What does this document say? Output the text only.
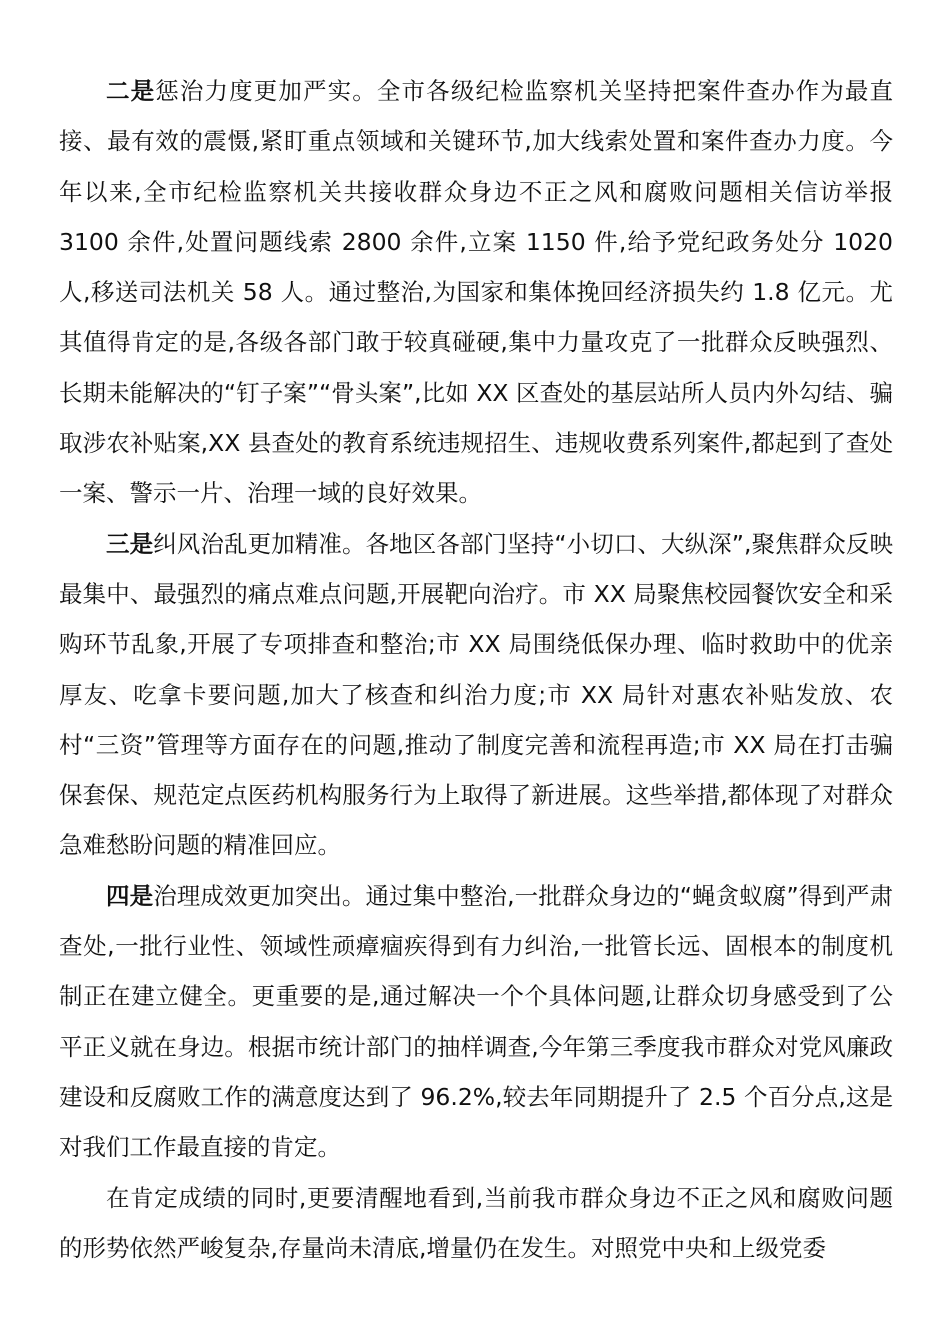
二是惩治力度更加严实。全市各级纪检监察机关坚持把案件查办作为最直接、最有效的震慑,紧盯重点领域和关键环节,加大线索处置和案件查办力度。今年以来,全市纪检监察机关共接收群众身边不正之风和腐败问题相关信访举报 3100 余件,处置问题线索 2800 余件,立案 1150 件,给予党纪政务处分 1020 人,移送司法机关 58 人。通过整治,为国家和集体挽回经济损失约 1.8 亿元。尤其值得肯定的是,各级各部门敢于较真碰硬,集中力量攻克了一批群众反映强烈、长期未能解决的“钉子案”“骨头案”,比如 XX 区查处的基层站所人员内外勾结、骗取涉农补贴案,XX 县查处的教育系统违规招生、违规收费系列案件,都起到了查处一案、警示一片、治理一域的良好效果。

三是纠风治乱更加精准。各地区各部门坚持“小切口、大纵深”,聚焦群众反映最集中、最强烈的痛点难点问题,开展靶向治疗。市 XX 局聚焦校园餐饮安全和采购环节乱象,开展了专项排查和整治;市 XX 局围绕低保办理、临时救助中的优亲厚友、吃拿卡要问题,加大了核查和纠治力度;市 XX 局针对惠农补贴发放、农村“三资”管理等方面存在的问题,推动了制度完善和流程再造;市 XX 局在打击骗保套保、规范定点医药机构服务行为上取得了新进展。这些举措,都体现了对群众急难愁盼问题的精准回应。

四是治理成效更加突出。通过集中整治,一批群众身边的“蝇贪蚁腐”得到严肃查处,一批行业性、领域性顽瘴痼疾得到有力纠治,一批管长远、固根本的制度机制正在建立健全。更重要的是,通过解决一个个具体问题,让群众切身感受到了公平正义就在身边。根据市统计部门的抽样调查,今年第三季度我市群众对党风廉政建设和反腐败工作的满意度达到了 96.2%,较去年同期提升了 2.5 个百分点,这是对我们工作最直接的肯定。

在肯定成绩的同时,更要清醒地看到,当前我市群众身边不正之风和腐败问题的形势依然严峻复杂,存量尚未清底,增量仍在发生。对照党中央和上级党委
